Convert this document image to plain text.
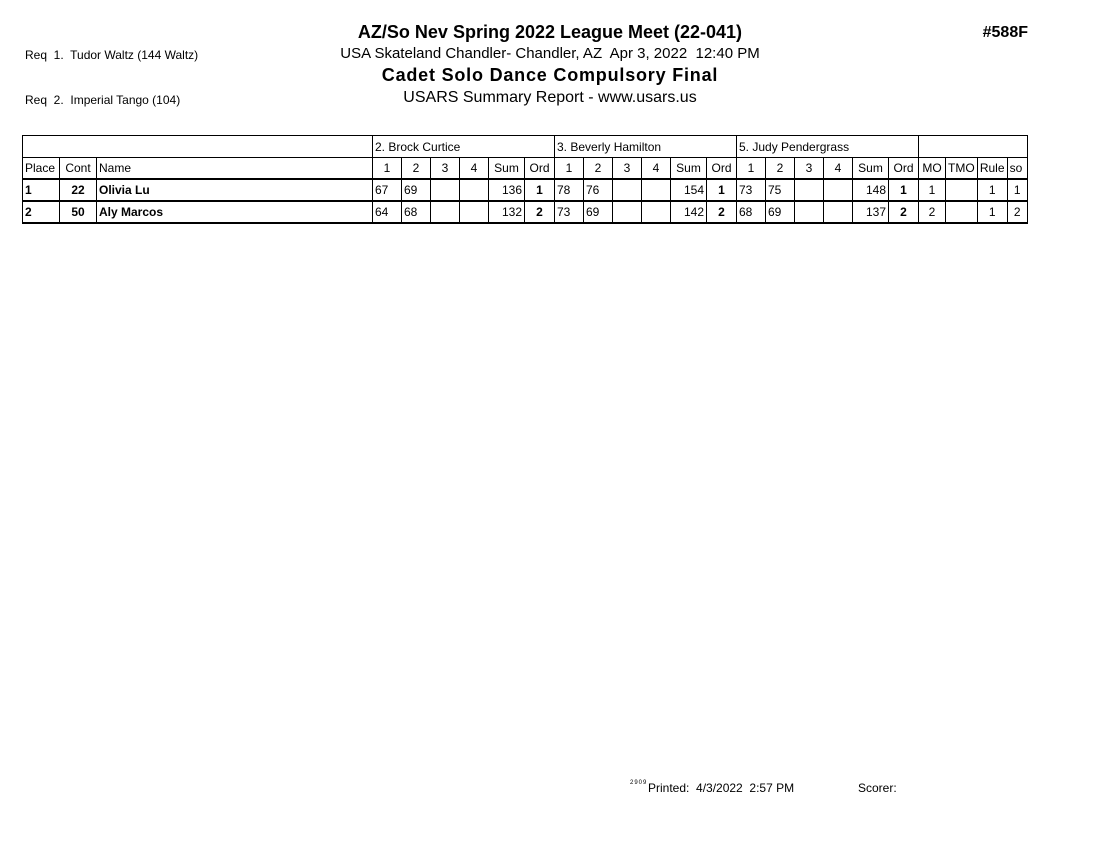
Req  1.  Tudor Waltz (144 Waltz)

Req  2.  Imperial Tango (104)

AZ/So Nev Spring 2022 League Meet (22-041)
USA Skateland Chandler- Chandler, AZ  Apr 3, 2022  12:40 PM
Cadet Solo Dance Compulsory Final
USARS Summary Report - www.usars.us
#588F
			2. Brock Curtice						3. Beverly Hamilton						5. Judy Pendergrass									
Place	Cont	Name	1	2	3	4	Sum	Ord	1	2	3	4	Sum	Ord	1	2	3	4	Sum	Ord	MO	TMO	Rule	so
1	22	Olivia Lu	67	69			136	1	78	76			154	1	73	75			148	1	1		1	1
2	50	Aly Marcos	64	68			132	2	73	69			142	2	68	69			137	2	2		1	2
2909 Printed:  4/3/2022  2:57 PM	Scorer:
